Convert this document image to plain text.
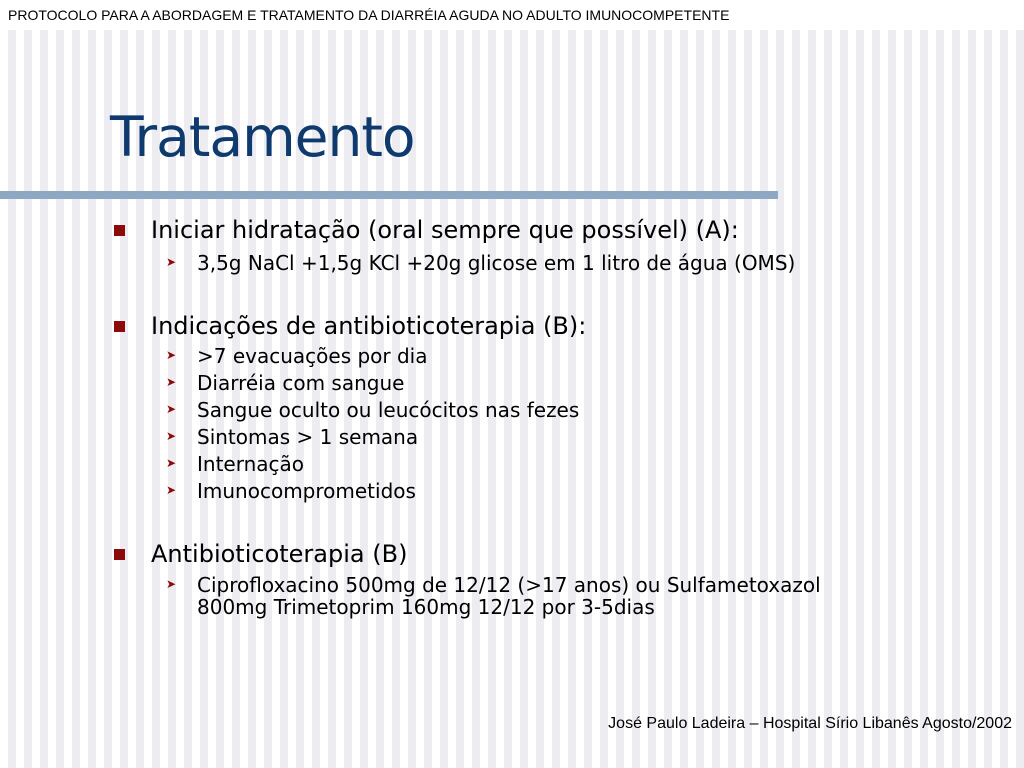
PROTOCOLO PARA A ABORDAGEM E TRATAMENTO DA DIARRÉIA AGUDA NO ADULTO IMUNOCOMPETENTE
Tratamento
Iniciar hidratação (oral sempre que possível) (A):
➤ 3,5g NaCl +1,5g KCl +20g glicose em 1 litro de água (OMS)
Indicações de antibioticoterapia (B):
➤ >7 evacuações por dia
➤ Diarréia com sangue
➤ Sangue oculto ou leucócitos nas fezes
➤ Sintomas > 1 semana
➤ Internação
➤ Imunocomprometidos
Antibioticoterapia (B)
➤ Ciprofloxacino 500mg de 12/12 (>17 anos) ou Sulfametoxazol
800mg Trimetoprim 160mg 12/12 por 3-5dias
José Paulo Ladeira – Hospital Sírio Libanês Agosto/2002
